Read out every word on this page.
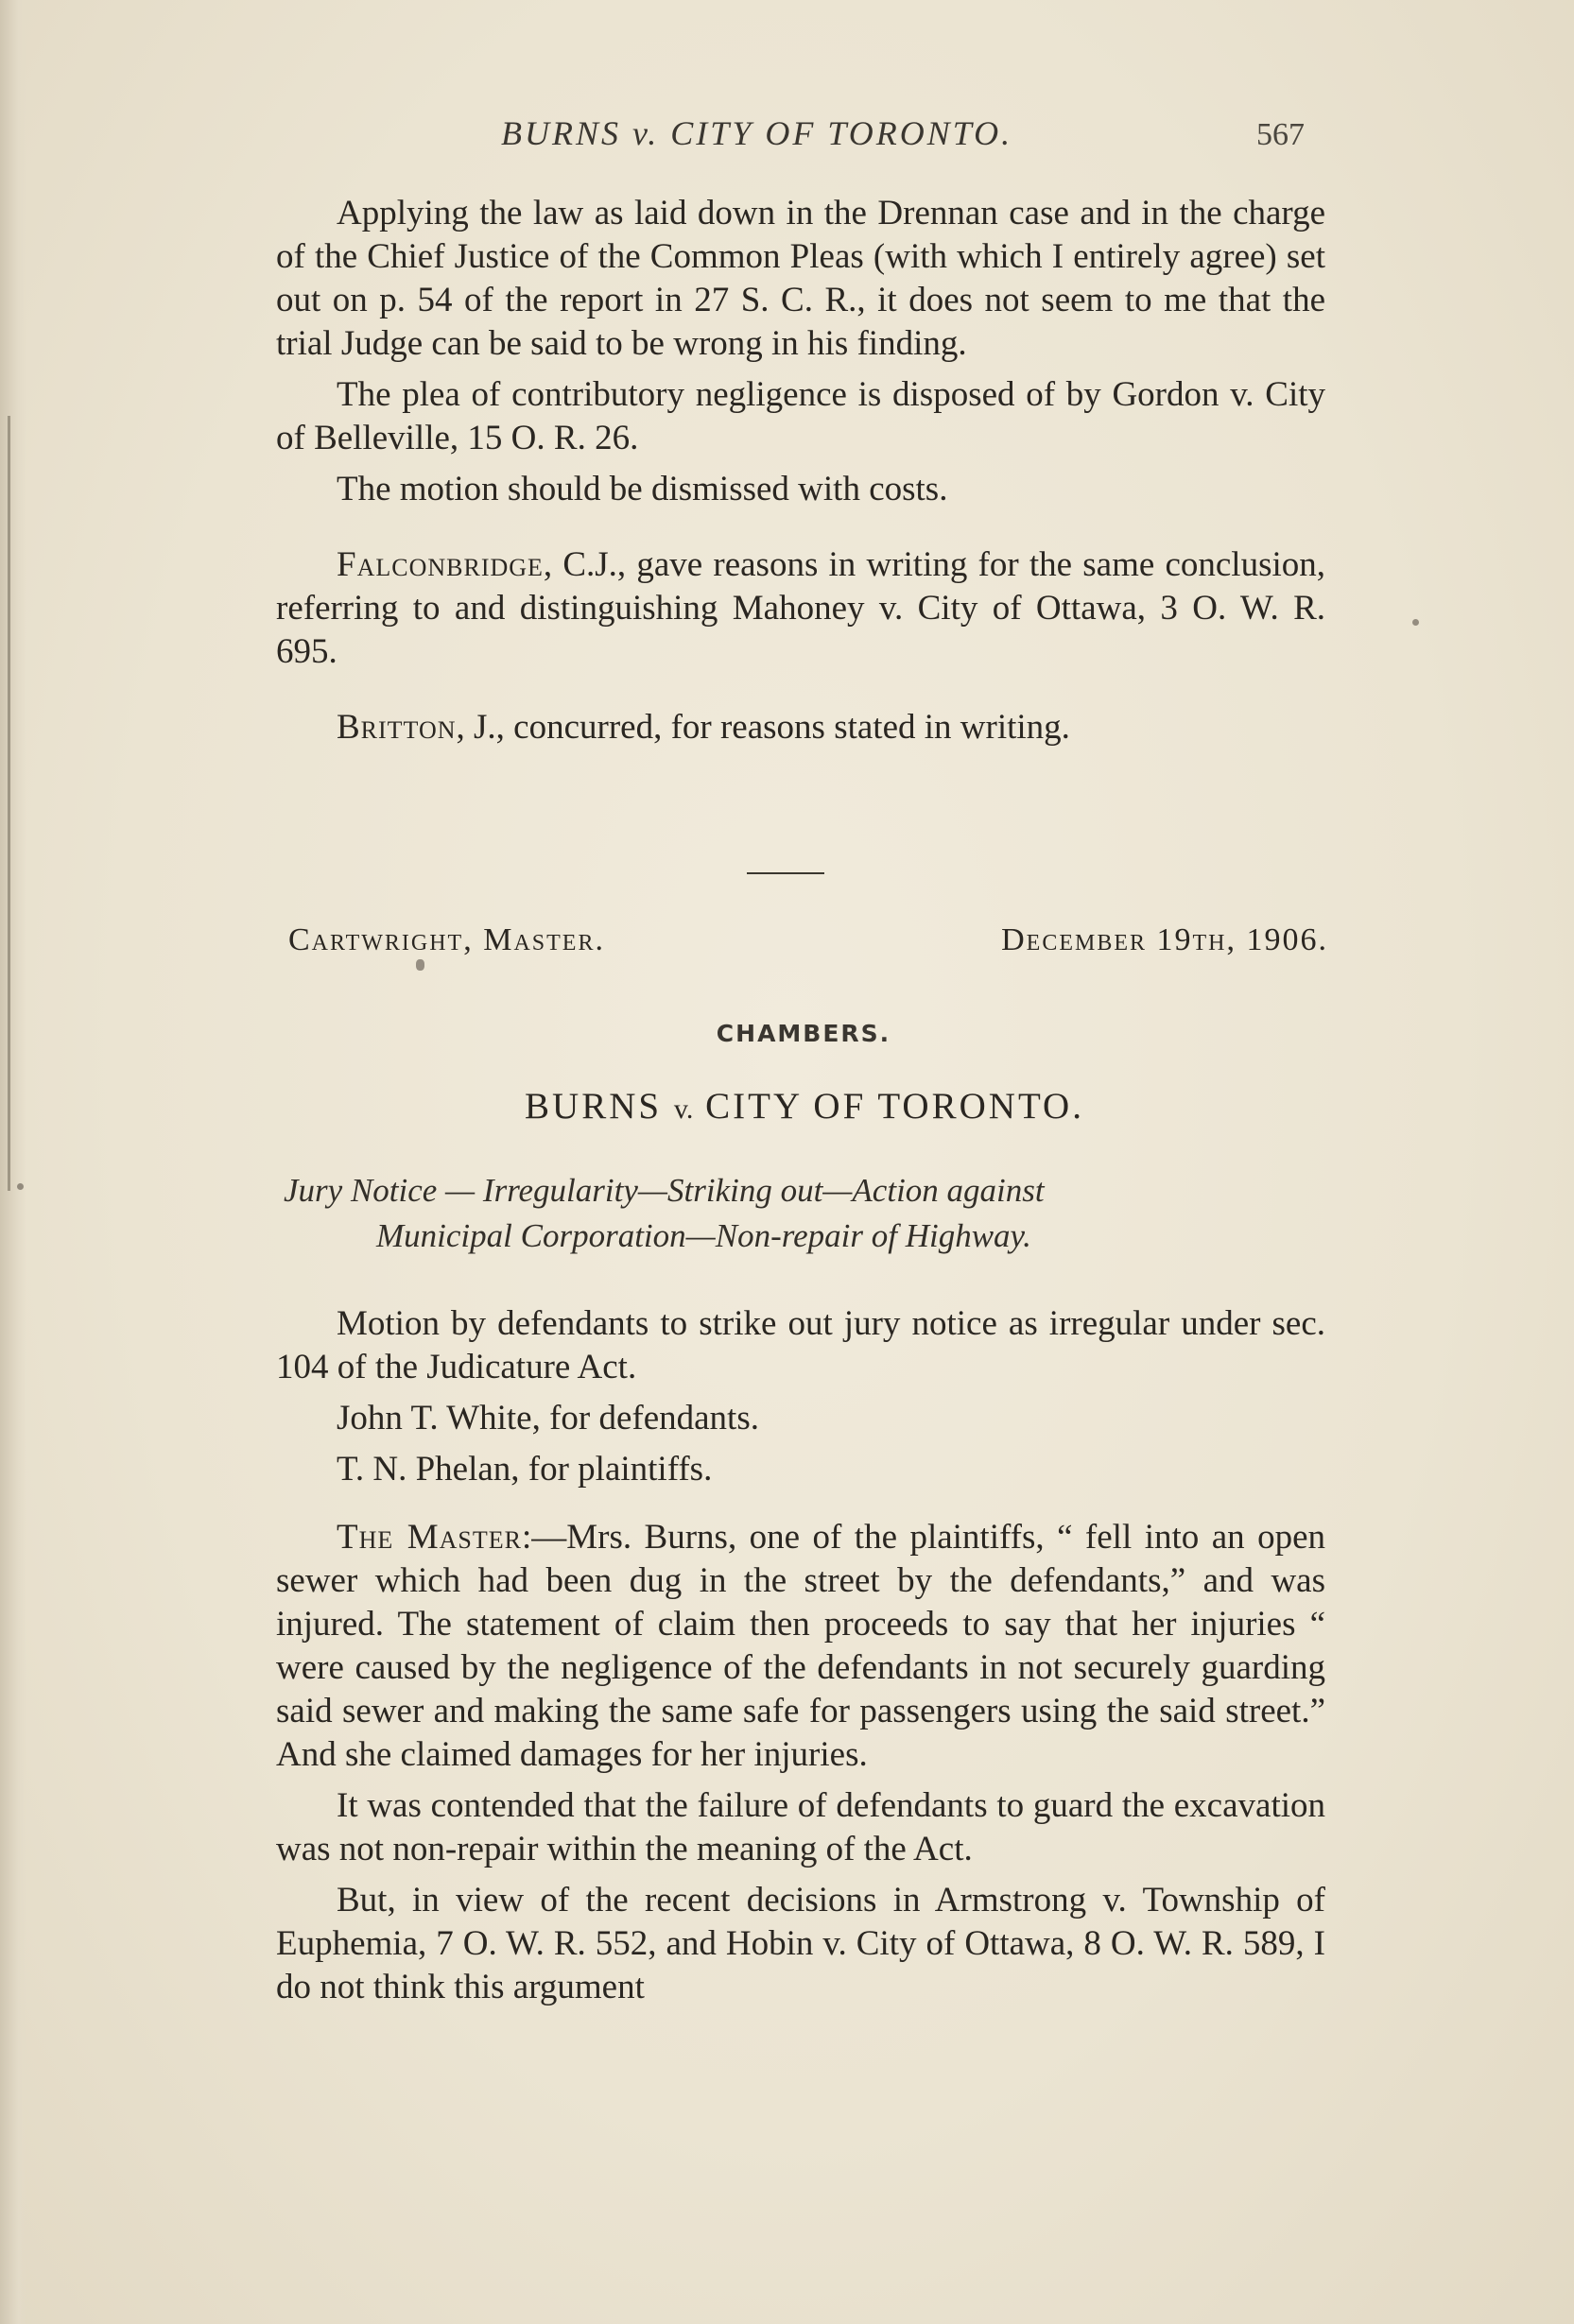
BURNS v. CITY OF TORONTO.	567

Applying the law as laid down in the Drennan case and in the charge of the Chief Justice of the Common Pleas (with which I entirely agree) set out on p. 54 of the report in 27 S. C. R., it does not seem to me that the trial Judge can be said to be wrong in his finding.

The plea of contributory negligence is disposed of by Gordon v. City of Belleville, 15 O. R. 26.

The motion should be dismissed with costs.

Falconbridge, C.J., gave reasons in writing for the same conclusion, referring to and distinguishing Mahoney v. City of Ottawa, 3 O. W. R. 695.

Britton, J., concurred, for reasons stated in writing.

Cartwright, Master.	December 19th, 1906.
CHAMBERS.
BURNS v. CITY OF TORONTO.

Jury Notice — Irregularity—Striking out—Action against

Municipal Corporation—Non-repair of Highway.

Motion by defendants to strike out jury notice as irregular under sec. 104 of the Judicature Act.

John T. White, for defendants.

T. N. Phelan, for plaintiffs.

The Master:—Mrs. Burns, one of the plaintiffs, “ fell into an open sewer which had been dug in the street by the defendants,” and was injured. The statement of claim then proceeds to say that her injuries “ were caused by the negligence of the defendants in not securely guarding said sewer and making the same safe for passengers using the said street.” And she claimed damages for her injuries.

It was contended that the failure of defendants to guard the excavation was not non-repair within the meaning of the Act.

But, in view of the recent decisions in Armstrong v. Township of Euphemia, 7 O. W. R. 552, and Hobin v. City of Ottawa, 8 O. W. R. 589, I do not think this argument
